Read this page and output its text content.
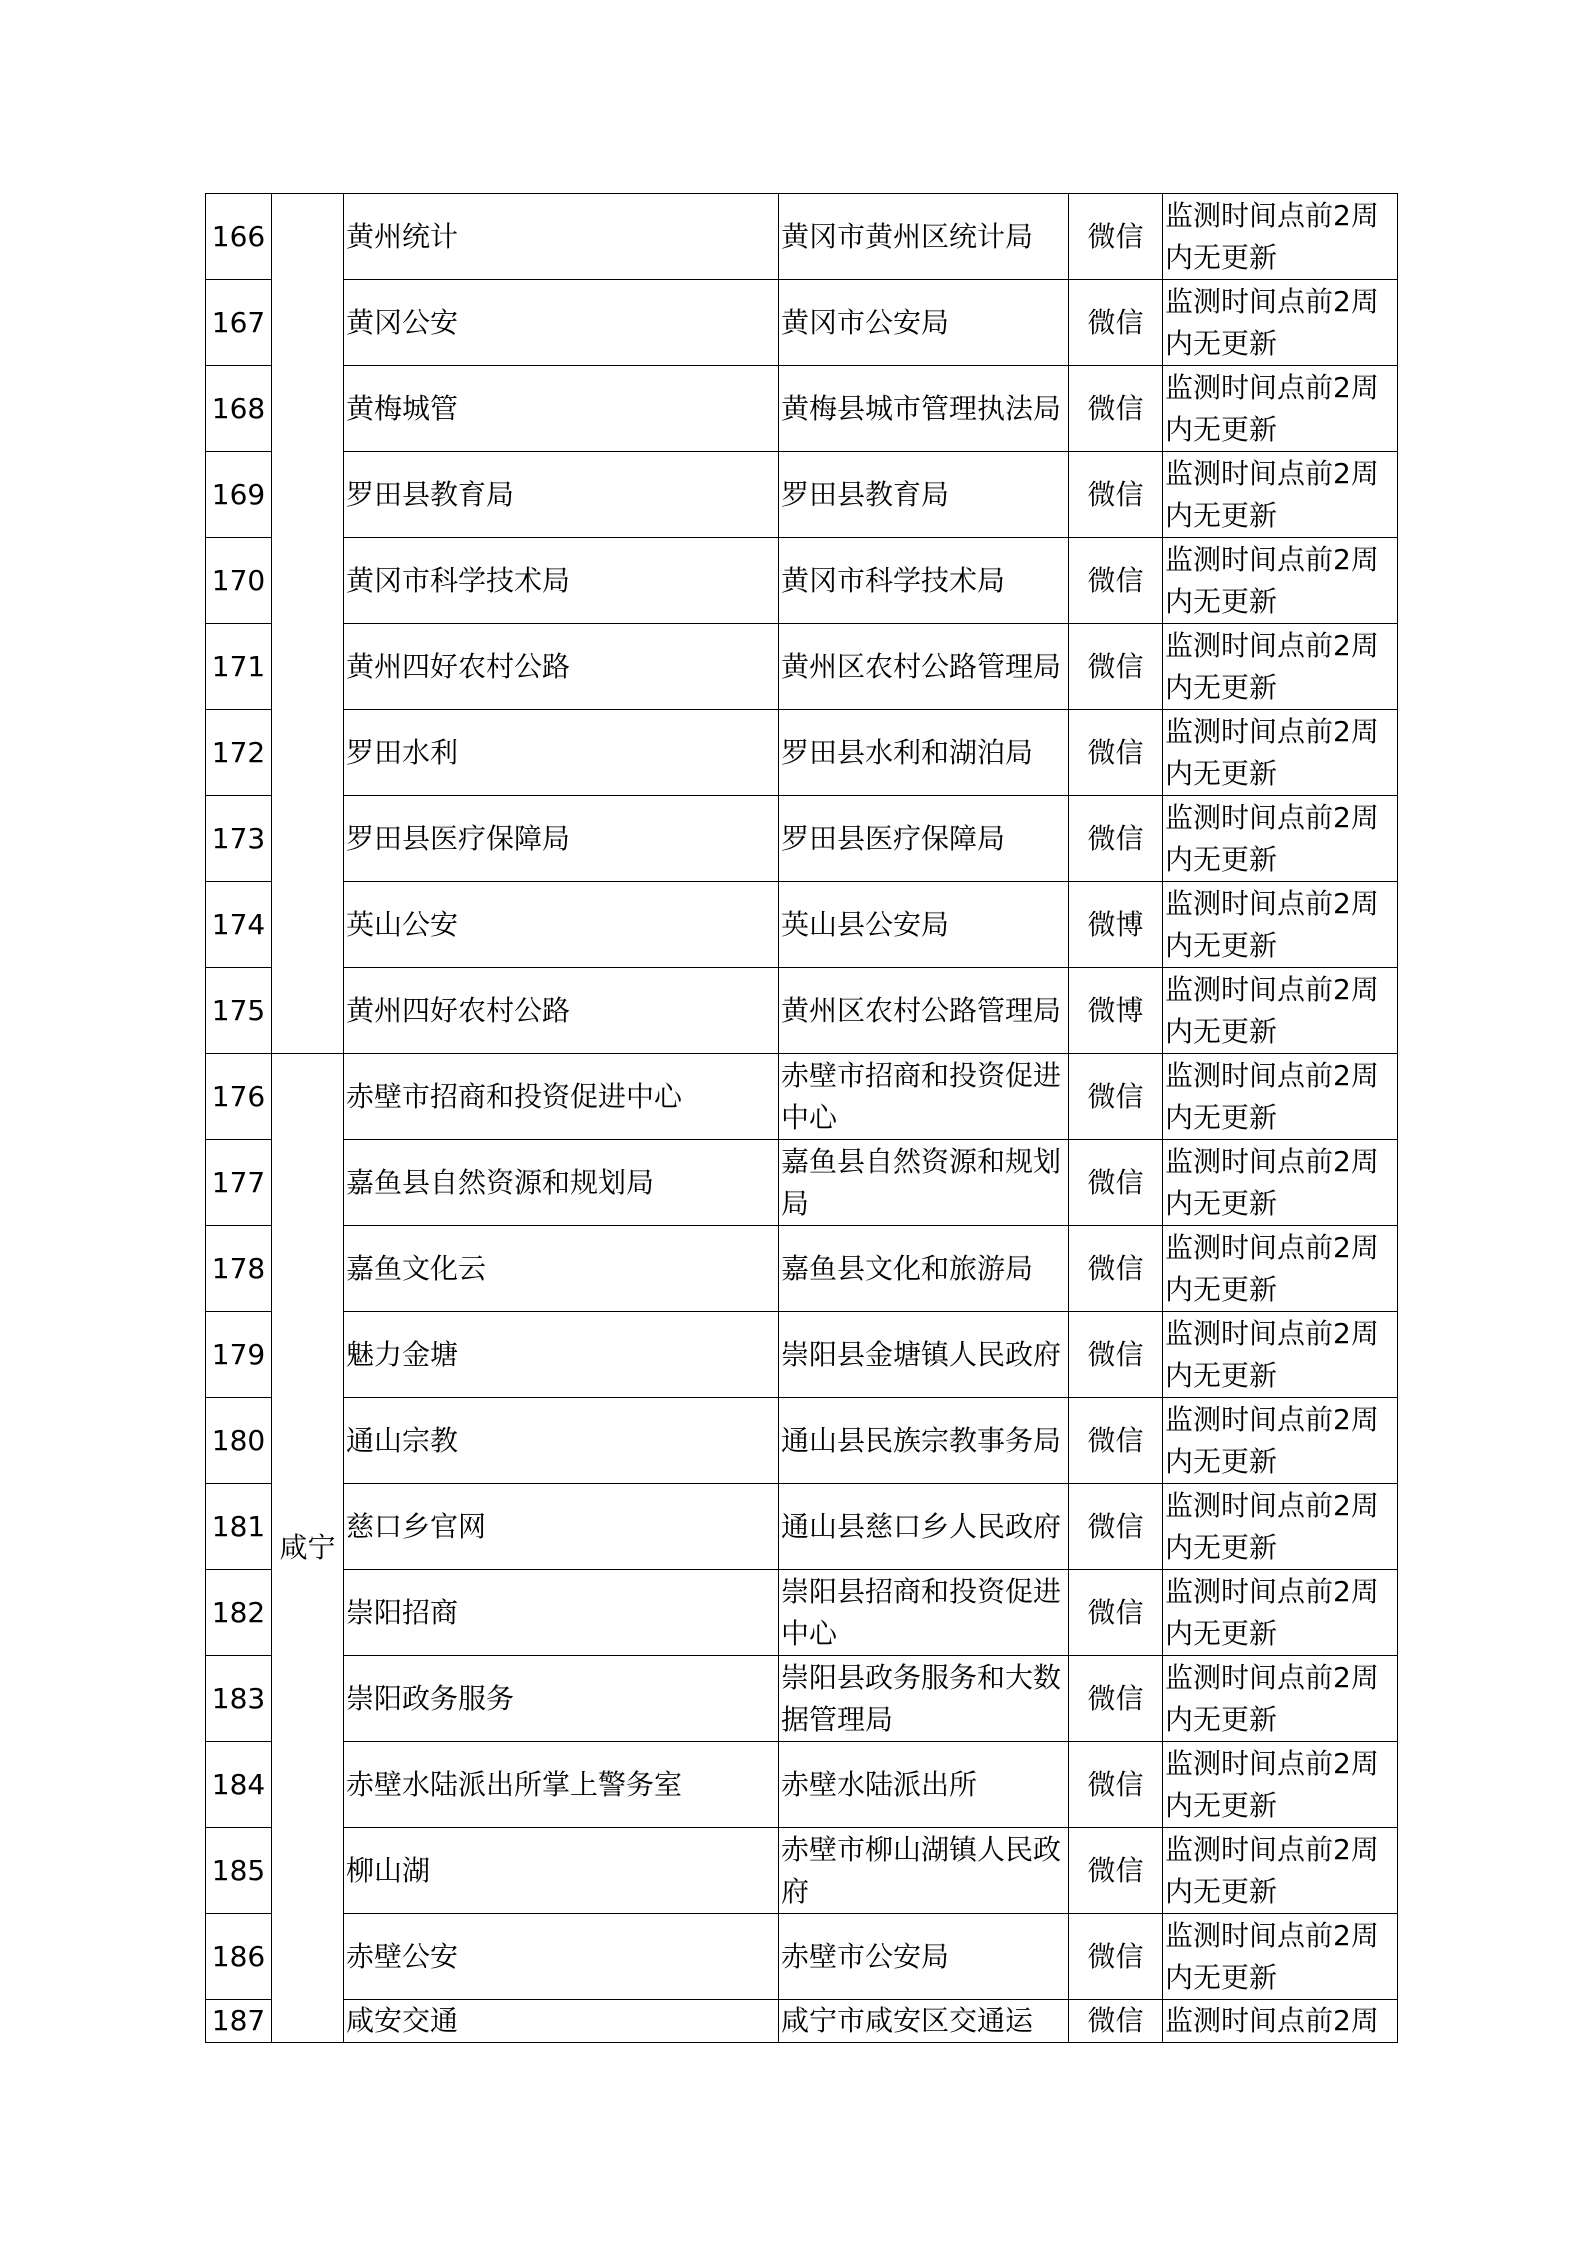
166		黄州统计	黄冈市黄州区统计局	微信	监测时间点前2周内无更新
167		黄冈公安	黄冈市公安局	微信	监测时间点前2周内无更新
168		黄梅城管	黄梅县城市管理执法局	微信	监测时间点前2周内无更新
169		罗田县教育局	罗田县教育局	微信	监测时间点前2周内无更新
170		黄冈市科学技术局	黄冈市科学技术局	微信	监测时间点前2周内无更新
171		黄州四好农村公路	黄州区农村公路管理局	微信	监测时间点前2周内无更新
172		罗田水利	罗田县水利和湖泊局	微信	监测时间点前2周内无更新
173		罗田县医疗保障局	罗田县医疗保障局	微信	监测时间点前2周内无更新
174		英山公安	英山县公安局	微博	监测时间点前2周内无更新
175		黄州四好农村公路	黄州区农村公路管理局	微博	监测时间点前2周内无更新
176	咸宁	赤壁市招商和投资促进中心	赤壁市招商和投资促进中心	微信	监测时间点前2周内无更新
177		嘉鱼县自然资源和规划局	嘉鱼县自然资源和规划局	微信	监测时间点前2周内无更新
178		嘉鱼文化云	嘉鱼县文化和旅游局	微信	监测时间点前2周内无更新
179		魅力金塘	崇阳县金塘镇人民政府	微信	监测时间点前2周内无更新
180		通山宗教	通山县民族宗教事务局	微信	监测时间点前2周内无更新
181		慈口乡官网	通山县慈口乡人民政府	微信	监测时间点前2周内无更新
182		崇阳招商	崇阳县招商和投资促进中心	微信	监测时间点前2周内无更新
183		崇阳政务服务	崇阳县政务服务和大数据管理局	微信	监测时间点前2周内无更新
184		赤壁水陆派出所掌上警务室	赤壁水陆派出所	微信	监测时间点前2周内无更新
185		柳山湖	赤壁市柳山湖镇人民政府	微信	监测时间点前2周内无更新
186		赤壁公安	赤壁市公安局	微信	监测时间点前2周内无更新
187		咸安交通	咸宁市咸安区交通运	微信	监测时间点前2周
